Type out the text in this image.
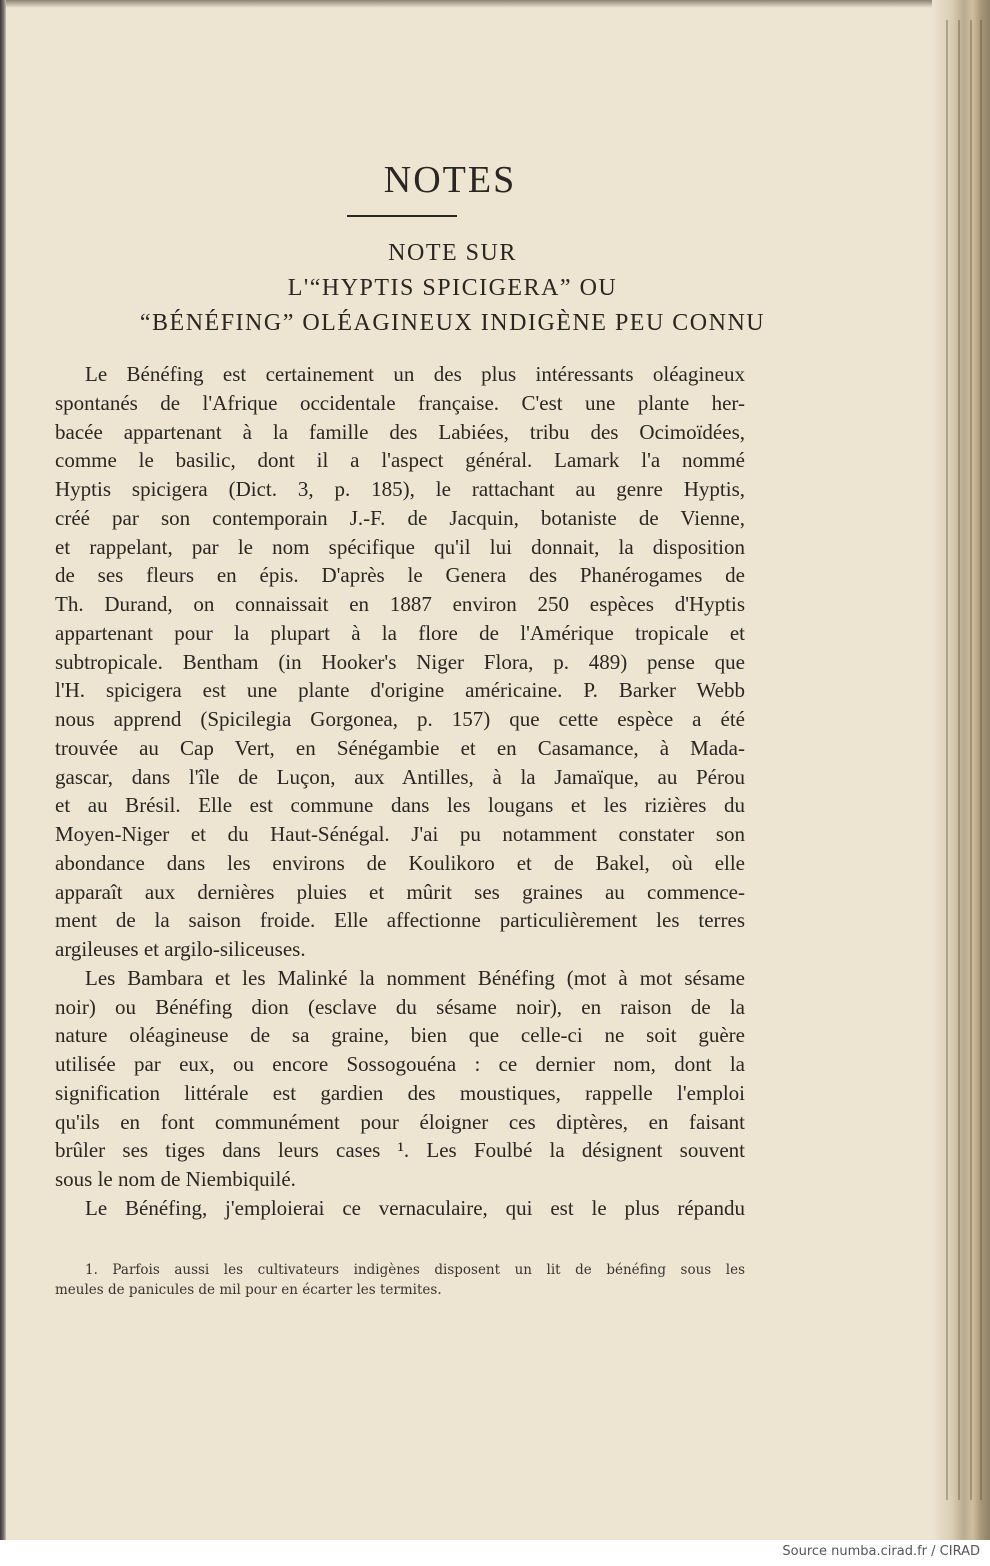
NOTES
NOTE SUR
L'“HYPTIS SPICIGERA” OU
“BÉNÉFING” OLÉAGINEUX INDIGÈNE PEU CONNU
Le Bénéfing est certainement un des plus intéressants oléagineux
spontanés de l'Afrique occidentale française. C'est une plante her-
bacée appartenant à la famille des Labiées, tribu des Ocimoïdées,
comme le basilic, dont il a l'aspect général. Lamark l'a nommé
Hyptis spicigera (Dict. 3, p. 185), le rattachant au genre Hyptis,
créé par son contemporain J.-F. de Jacquin, botaniste de Vienne,
et rappelant, par le nom spécifique qu'il lui donnait, la disposition
de ses fleurs en épis. D'après le Genera des Phanérogames de
Th. Durand, on connaissait en 1887 environ 250 espèces d'Hyptis
appartenant pour la plupart à la flore de l'Amérique tropicale et
subtropicale. Bentham (in Hooker's Niger Flora, p. 489) pense que
l'H. spicigera est une plante d'origine américaine. P. Barker Webb
nous apprend (Spicilegia Gorgonea, p. 157) que cette espèce a été
trouvée au Cap Vert, en Sénégambie et en Casamance, à Mada-
gascar, dans l'île de Luçon, aux Antilles, à la Jamaïque, au Pérou
et au Brésil. Elle est commune dans les lougans et les rizières du
Moyen-Niger et du Haut-Sénégal. J'ai pu notamment constater son
abondance dans les environs de Koulikoro et de Bakel, où elle
apparaît aux dernières pluies et mûrit ses graines au commence-
ment de la saison froide. Elle affectionne particulièrement les terres
argileuses et argilo-siliceuses.
Les Bambara et les Malinké la nomment Bénéfing (mot à mot sésame
noir) ou Bénéfing dion (esclave du sésame noir), en raison de la
nature oléagineuse de sa graine, bien que celle-ci ne soit guère
utilisée par eux, ou encore Sossogouéna : ce dernier nom, dont la
signification littérale est gardien des moustiques, rappelle l'emploi
qu'ils en font communément pour éloigner ces diptères, en faisant
brûler ses tiges dans leurs cases ¹. Les Foulbé la désignent souvent
sous le nom de Niembiquilé.
Le Bénéfing, j'emploierai ce vernaculaire, qui est le plus répandu
1. Parfois aussi les cultivateurs indigènes disposent un lit de bénéfing sous les
meules de panicules de mil pour en écarter les termites.
Source numba.cirad.fr / CIRAD
